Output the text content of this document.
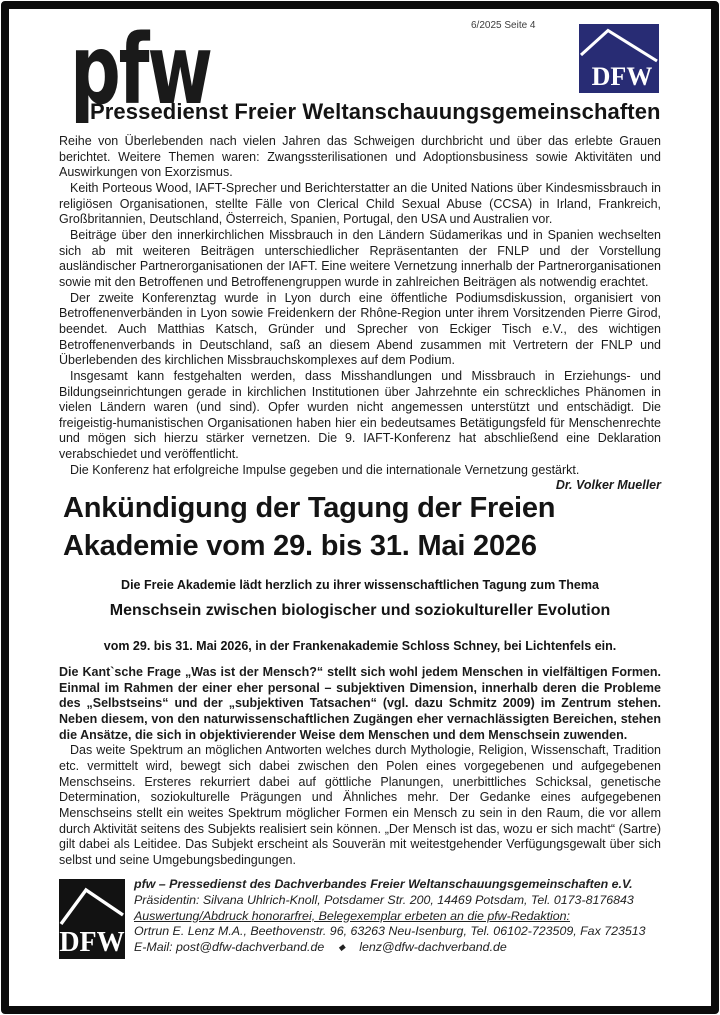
6/2025 Seite 4
pfw	DFW
Pressedienst Freier Weltanschauungsgemeinschaften

Reihe von Überlebenden nach vielen Jahren das Schweigen durchbricht und über das erlebte Grauen berichtet. Weitere Themen waren: Zwangssterilisationen und Adoptionsbusiness sowie Aktivitäten und Auswirkungen von Exorzismus.

Keith Porteous Wood, IAFT-Sprecher und Berichterstatter an die United Nations über Kindesmissbrauch in religiösen Organisationen, stellte Fälle von Clerical Child Sexual Abuse (CCSA) in Irland, Frankreich, Großbritannien, Deutschland, Österreich, Spanien, Portugal, den USA und Australien vor.

Beiträge über den innerkirchlichen Missbrauch in den Ländern Südamerikas und in Spanien wechselten sich ab mit weiteren Beiträgen unterschiedlicher Repräsentanten der FNLP und der Vorstellung ausländischer Partnerorganisationen der IAFT. Eine weitere Vernetzung innerhalb der Partnerorganisationen sowie mit den Betroffenen und Betroffenengruppen wurde in zahlreichen Beiträgen als notwendig erachtet.

Der zweite Konferenztag wurde in Lyon durch eine öffentliche Podiumsdiskussion, organisiert von Betroffenenverbänden in Lyon sowie Freidenkern der Rhône-Region unter ihrem Vorsitzenden Pierre Girod, beendet. Auch Matthias Katsch, Gründer und Sprecher von Eckiger Tisch e.V., des wichtigen Betroffenenverbands in Deutschland, saß an diesem Abend zusammen mit Vertretern der FNLP und Überlebenden des kirchlichen Missbrauchskomplexes auf dem Podium.

Insgesamt kann festgehalten werden, dass Misshandlungen und Missbrauch in Erziehungs- und Bildungseinrichtungen gerade in kirchlichen Institutionen über Jahrzehnte ein schreckliches Phänomen in vielen Ländern waren (und sind). Opfer wurden nicht angemessen unterstützt und entschädigt. Die freigeistig-humanistischen Organisationen haben hier ein bedeutsames Betätigungsfeld für Menschenrechte und mögen sich hierzu stärker vernetzen. Die 9. IAFT-Konferenz hat abschließend eine Deklaration verabschiedet und veröffentlicht.

Die Konferenz hat erfolgreiche Impulse gegeben und die internationale Vernetzung gestärkt.

Dr. Volker Mueller

Ankündigung der Tagung der Freien
Akademie vom 29. bis 31. Mai 2026
Die Freie Akademie lädt herzlich zu ihrer wissenschaftlichen Tagung zum Thema
Menschsein zwischen biologischer und soziokultureller Evolution
vom 29. bis 31. Mai 2026, in der Frankenakademie Schloss Schney, bei Lichtenfels ein.

Die Kant`sche Frage „Was ist der Mensch?“ stellt sich wohl jedem Menschen in vielfältigen Formen. Einmal im Rahmen der einer eher personal – subjektiven Dimension, innerhalb deren die Probleme des „Selbstseins“ und der „subjektiven Tatsachen“ (vgl. dazu Schmitz 2009) im Zentrum stehen. Neben diesem, von den naturwissenschaftlichen Zugängen eher vernachlässigten Bereichen, stehen die Ansätze, die sich in objektivierender Weise dem Menschen und dem Menschsein zuwenden.

Das weite Spektrum an möglichen Antworten welches durch Mythologie, Religion, Wissenschaft, Tradition etc. vermittelt wird, bewegt sich dabei zwischen den Polen eines vorgegebenen und aufgegebenen Menschseins. Ersteres rekurriert dabei auf göttliche Planungen, unerbittliches Schicksal, genetische Determination, soziokulturelle Prägungen und Ähnliches mehr. Der Gedanke eines aufgegebenen Menschseins stellt ein weites Spektrum möglicher Formen ein Mensch zu sein in den Raum, die vor allem durch Aktivität seitens des Subjekts realisiert sein können. „Der Mensch ist das, wozu er sich macht“ (Sartre) gilt dabei als Leitidee. Das Subjekt erscheint als Souverän mit weitestgehender Verfügungsgewalt über sich selbst und seine Umgebungsbedingungen.

DFW
pfw – Pressedienst des Dachverbandes Freier Weltanschauungsgemeinschaften e.V.
Präsidentin: Silvana Uhlrich-Knoll, Potsdamer Str. 200, 14469 Potsdam, Tel. 0173-8176843
Auswertung/Abdruck honorarfrei, Belegexemplar erbeten an die pfw-Redaktion:
Ortrun E. Lenz M.A., Beethovenstr. 96, 63263 Neu-Isenburg, Tel. 06102-723509, Fax 723513
E-Mail: post@dfw-dachverband.de ◆ lenz@dfw-dachverband.de
